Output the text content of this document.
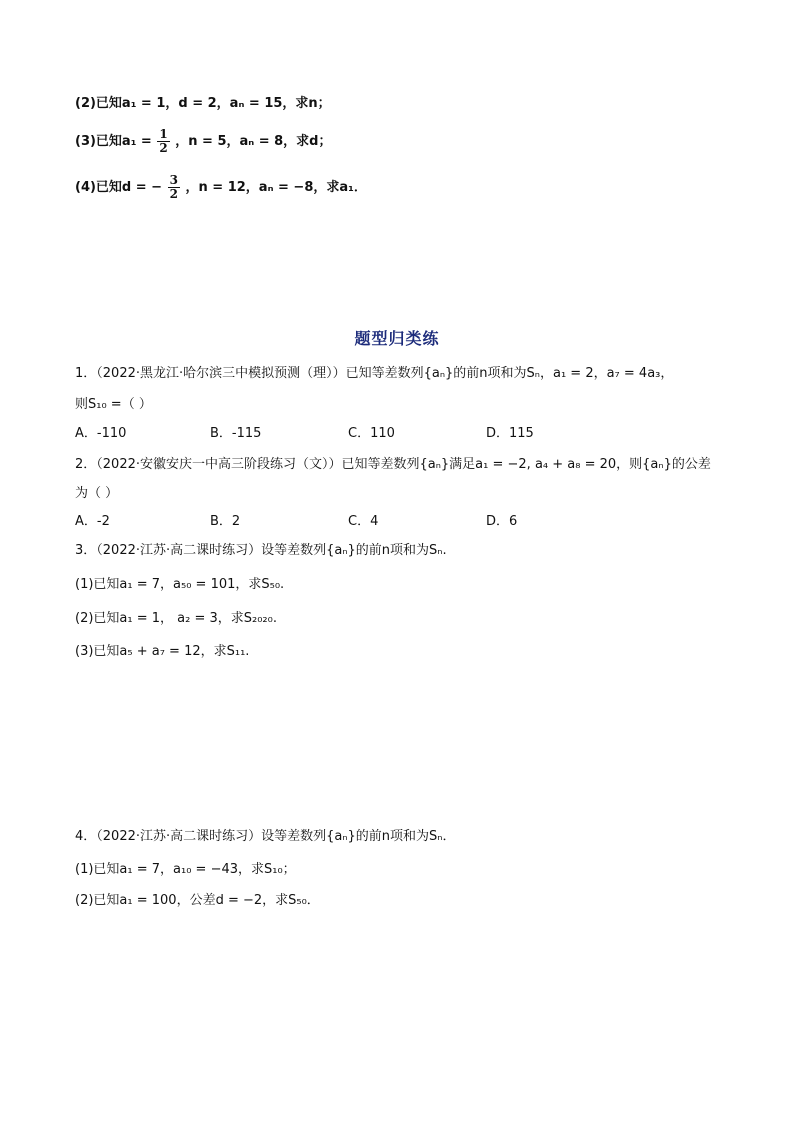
(2)已知a₁ = 1，d = 2，aₙ = 15，求n；
(3)已知$a_1 = \frac{1}{2}$ ，n = 5，aₙ = 8，求d；
(4)已知d = − $\frac{3}{2}$ ，n = 12，aₙ = −8，求a₁．
题型归类练
1．（2022·黑龙江·哈尔滨三中模拟预测（理））已知等差数列{aₙ}的前n项和为Sₙ，a₁ = 2，a₇ = 4a₃，
则S₁₀ =（ ）
A．-110	B．-115	C．110	D．115
2．（2022·安徽安庆一中高三阶段练习（文））已知等差数列{aₙ}满足a₁ = −2, a₄ + a₈ = 20，则{aₙ}的公差
为（ ）
A．-2	B．2	C．4	D．6
3．（2022·江苏·高二课时练习）设等差数列{aₙ}的前n项和为Sₙ.
(1)已知a₁ = 7，a₅₀ = 101，求S₅₀.
(2)已知a₁ = 1， a₂ = 3，求S₂₀₂₀.
(3)已知a₅ + a₇ = 12，求S₁₁.
4．（2022·江苏·高二课时练习）设等差数列{aₙ}的前n项和为Sₙ．
(1)已知a₁ = 7，a₁₀ = −43，求S₁₀；
(2)已知a₁ = 100，公差d = −2，求S₅₀．
